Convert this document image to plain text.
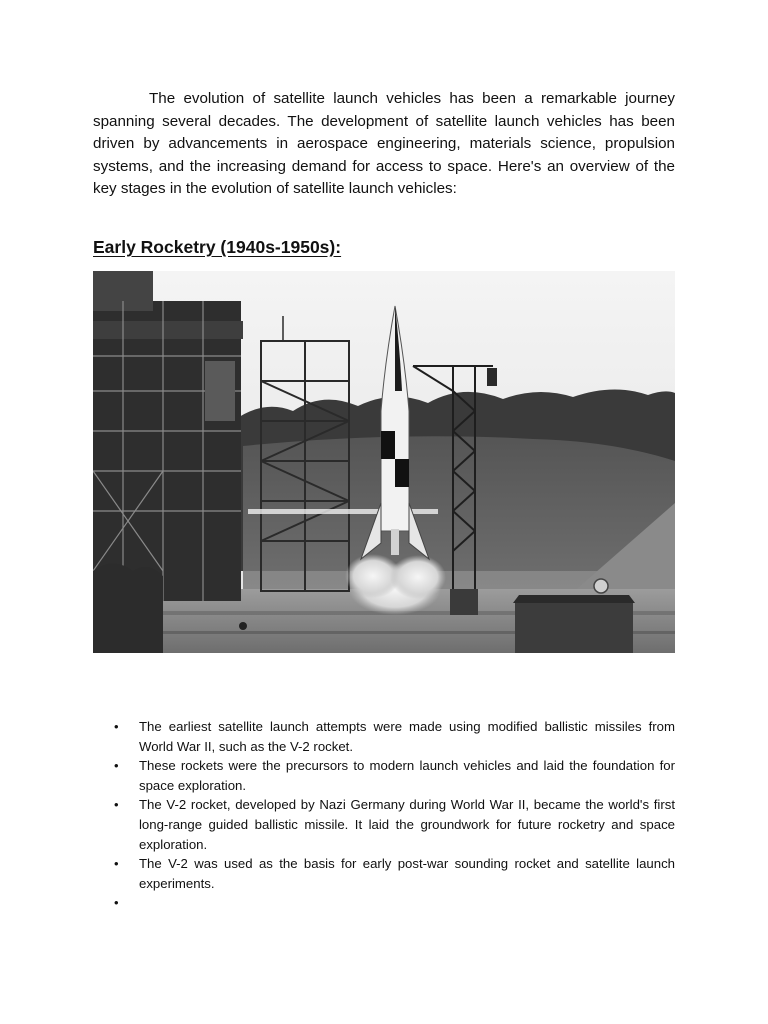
The evolution of satellite launch vehicles has been a remarkable journey spanning several decades. The development of satellite launch vehicles has been driven by advancements in aerospace engineering, materials science, propulsion systems, and the increasing demand for access to space. Here's an overview of the key stages in the evolution of satellite launch vehicles:

Early Rocketry (1940s-1950s):
• The earliest satellite launch attempts were made using modified ballistic missiles from World War II, such as the V-2 rocket.
• These rockets were the precursors to modern launch vehicles and laid the foundation for space exploration.
• The V-2 rocket, developed by Nazi Germany during World War II, became the world's first long-range guided ballistic missile. It laid the groundwork for future rocketry and space exploration.
• The V-2 was used as the basis for early post-war sounding rocket and satellite launch experiments.
•
